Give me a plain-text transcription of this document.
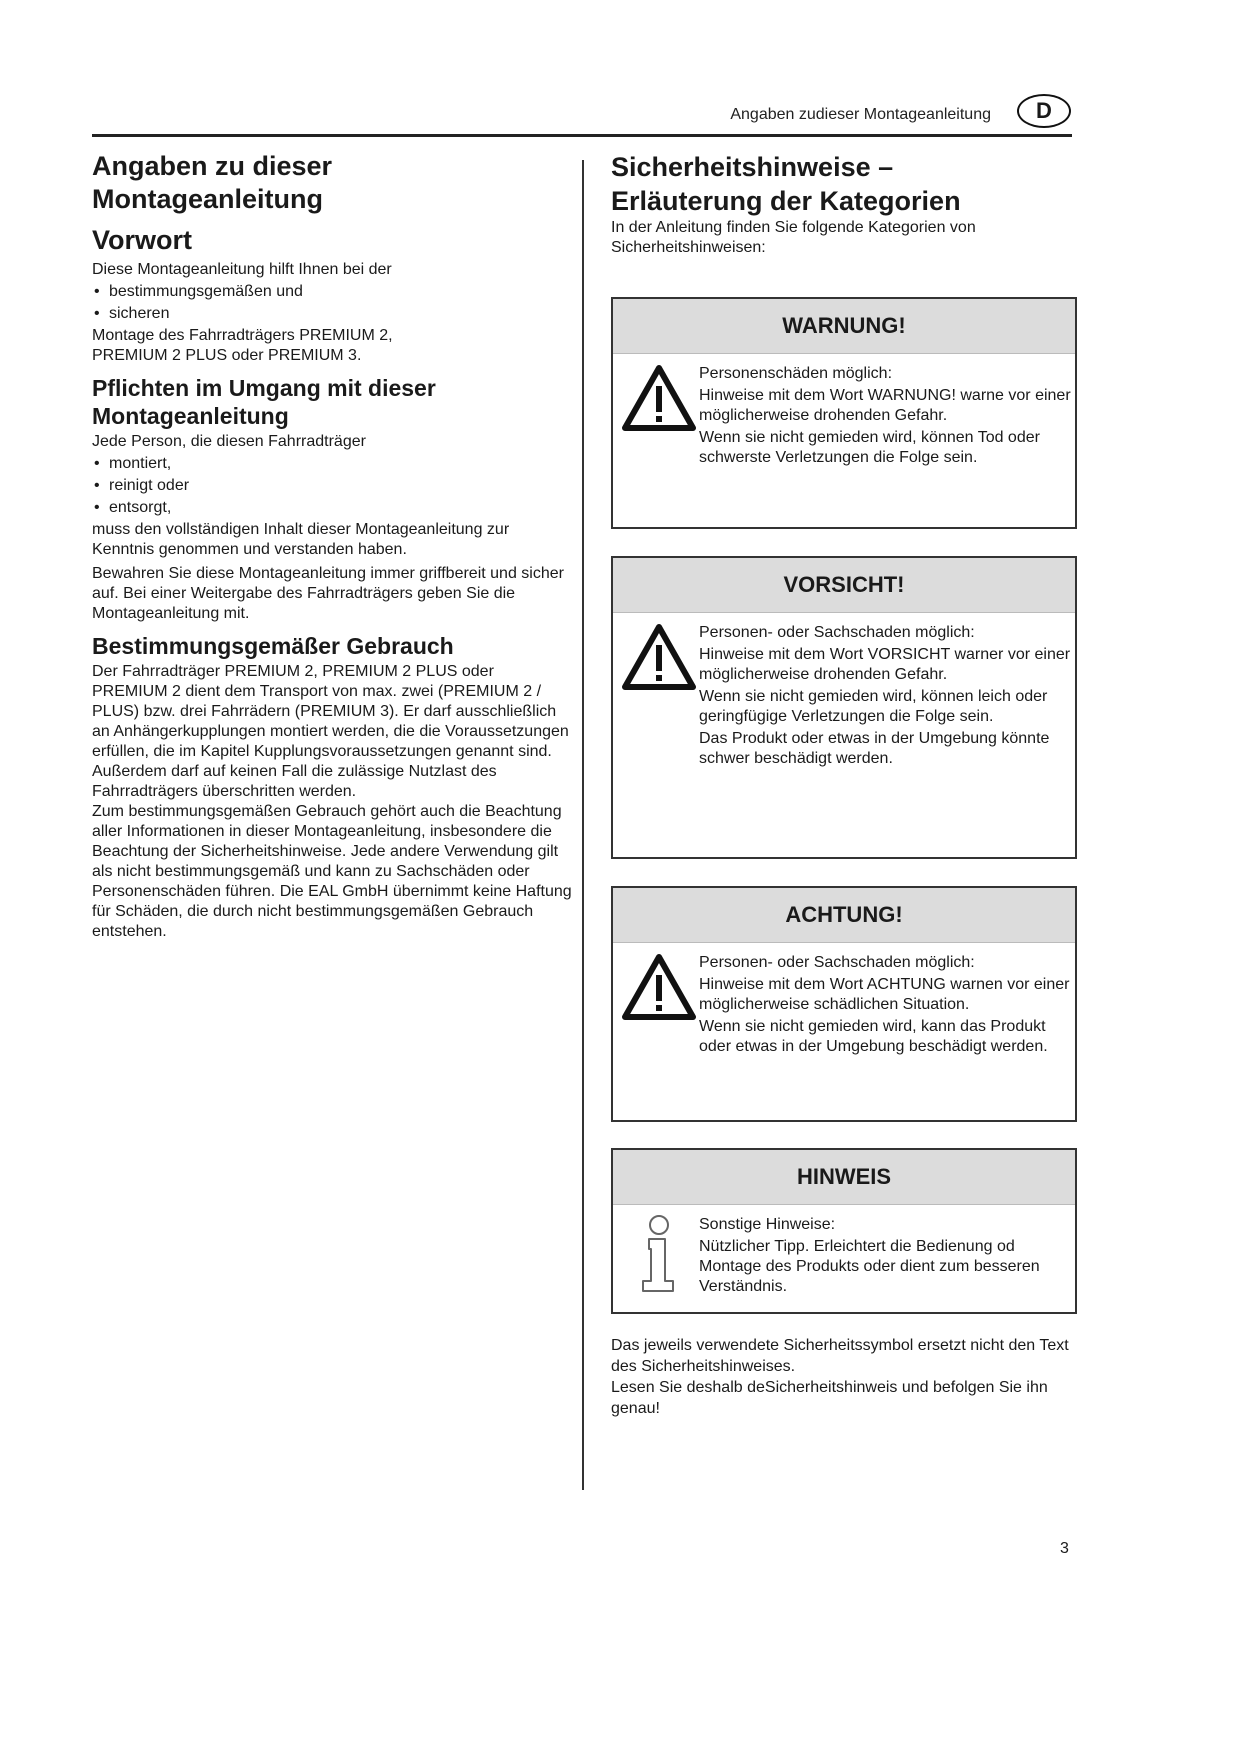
Angaben zudieser Montageanleitung	D
Angaben zu dieser
Montageanleitung
Vorwort
Diese Montageanleitung hilft Ihnen bei der
• bestimmungsgemäßen und
• sicheren
Montage des Fahrradträgers PREMIUM 2,
PREMIUM 2 PLUS oder PREMIUM 3.
Pflichten im Umgang mit dieser
Montageanleitung
Jede Person, die diesen Fahrradträger
• montiert,
• reinigt oder
• entsorgt,
muss den vollständigen Inhalt dieser Montageanleitung zur Kenntnis genommen und verstanden haben.
Bewahren Sie diese Montageanleitung immer griffbereit und sicher auf. Bei einer Weitergabe des Fahrradträgers geben Sie die Montageanleitung mit.
Bestimmungsgemäßer Gebrauch
Der Fahrradträger PREMIUM 2, PREMIUM 2 PLUS oder PREMIUM 2 dient dem Transport von max. zwei (PREMIUM 2 / PLUS) bzw. drei Fahrrädern (PREMIUM 3). Er darf ausschließlich an Anhängerkupplungen montiert werden, die die Voraussetzungen erfüllen, die im Kapitel Kupplungsvoraussetzungen genannt sind. Außerdem darf auf keinen Fall die zulässige Nutzlast des Fahrradträgers überschritten werden.
Zum bestimmungsgemäßen Gebrauch gehört auch die Beachtung aller Informationen in dieser Montageanleitung, insbesondere die Beachtung der Sicherheitshinweise. Jede andere Verwendung gilt als nicht bestimmungsgemäß und kann zu Sachschäden oder Personenschäden führen. Die EAL GmbH übernimmt keine Haftung für Schäden, die durch nicht bestimmungsgemäßen Gebrauch entstehen.
Sicherheitshinweise –
Erläuterung der Kategorien
In der Anleitung finden Sie folgende Kategorien von Sicherheitshinweisen:
WARNUNG!
Personenschäden möglich:
Hinweise mit dem Wort WARNUNG! warne vor einer möglicherweise drohenden Gefahr.
Wenn sie nicht gemieden wird, können Tod oder schwerste Verletzungen die Folge sein.
VORSICHT!
Personen- oder Sachschaden möglich:
Hinweise mit dem Wort VORSICHT warner vor einer möglicherweise drohenden Gefahr.
Wenn sie nicht gemieden wird, können leich oder geringfügige Verletzungen die Folge sein.
Das Produkt oder etwas in der Umgebung könnte schwer beschädigt werden.
ACHTUNG!
Personen- oder Sachschaden möglich:
Hinweise mit dem Wort ACHTUNG warnen vor einer möglicherweise schädlichen Situation.
Wenn sie nicht gemieden wird, kann das Produkt oder etwas in der Umgebung beschädigt werden.
HINWEIS
Sonstige Hinweise:
Nützlicher Tipp. Erleichtert die Bedienung od Montage des Produkts oder dient zum besseren Verständnis.
Das jeweils verwendete Sicherheitssymbol ersetzt nicht den Text des Sicherheitshinweises.
Lesen Sie deshalb deSicherheitshinweis und befolgen Sie ihn genau!
3
